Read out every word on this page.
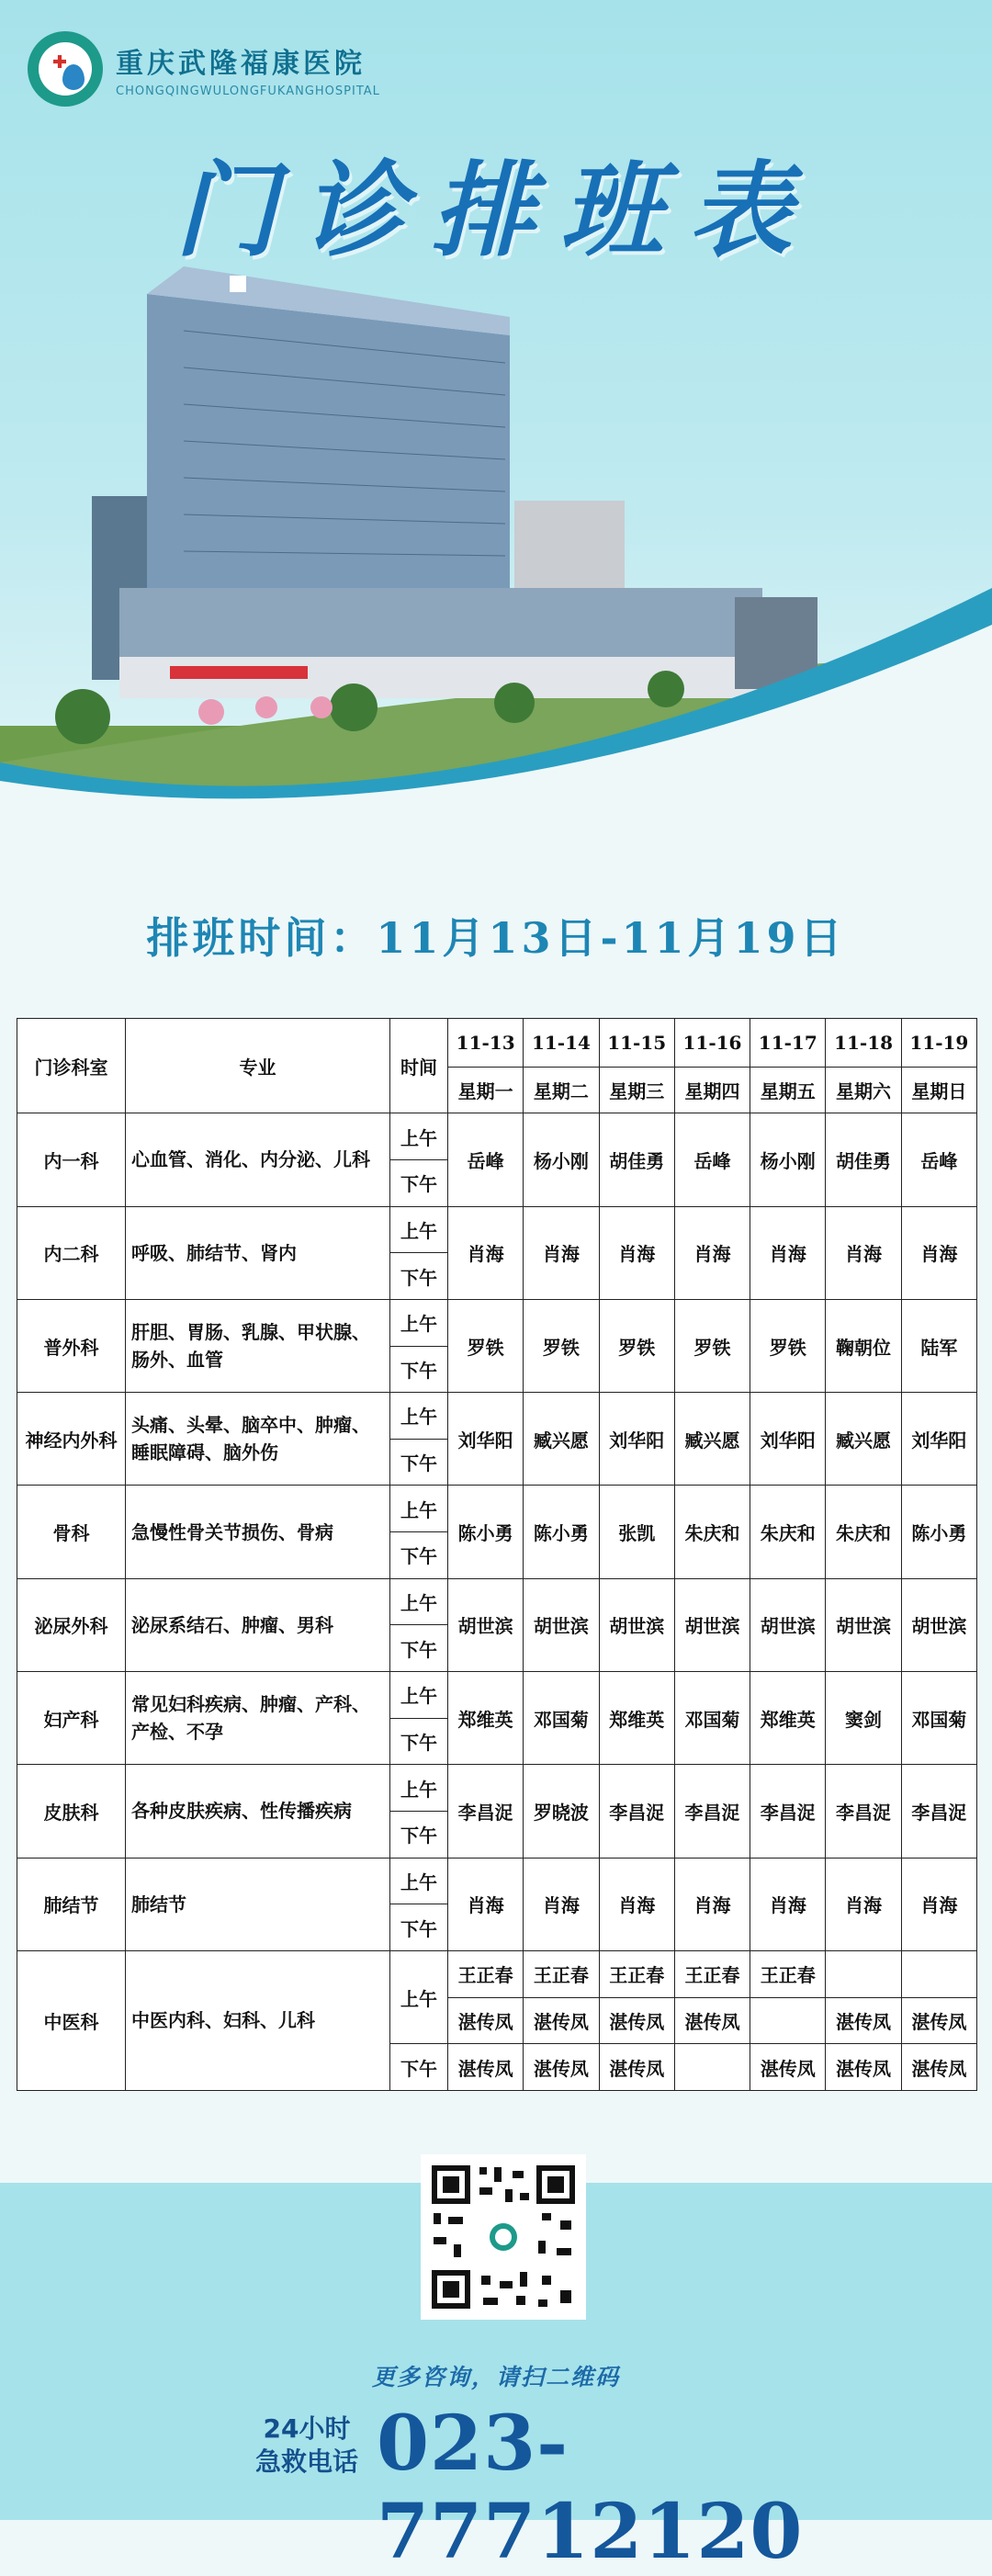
重庆武隆福康医院
CHONGQINGWULONGFUKANGHOSPITAL
门诊排班表
排班时间：11月13日-11月19日
门诊科室	专业	时间	11-13	11-14	11-15	11-16	11-17	11-18	11-19
			星期一	星期二	星期三	星期四	星期五	星期六	星期日
内一科	心血管、消化、内分泌、儿科	上午	岳峰	杨小刚	胡佳勇	岳峰	杨小刚	胡佳勇	岳峰
		下午							
内二科	呼吸、肺结节、肾内	上午	肖海	肖海	肖海	肖海	肖海	肖海	肖海
		下午							
普外科	肝胆、胃肠、乳腺、甲状腺、肠外、血管	上午	罗铁	罗铁	罗铁	罗铁	罗铁	鞠朝位	陆军
		下午							
神经内外科	头痛、头晕、脑卒中、肿瘤、睡眠障碍、脑外伤	上午	刘华阳	臧兴愿	刘华阳	臧兴愿	刘华阳	臧兴愿	刘华阳
		下午							
骨科	急慢性骨关节损伤、骨病	上午	陈小勇	陈小勇	张凯	朱庆和	朱庆和	朱庆和	陈小勇
		下午							
泌尿外科	泌尿系结石、肿瘤、男科	上午	胡世滨	胡世滨	胡世滨	胡世滨	胡世滨	胡世滨	胡世滨
		下午							
妇产科	常见妇科疾病、肿瘤、产科、产检、不孕	上午	郑维英	邓国菊	郑维英	邓国菊	郑维英	窦剑	邓国菊
		下午							
皮肤科	各种皮肤疾病、性传播疾病	上午	李昌浞	罗晓波	李昌浞	李昌浞	李昌浞	李昌浞	李昌浞
		下午							
肺结节	肺结节	上午	肖海	肖海	肖海	肖海	肖海	肖海	肖海
		下午							
中医科	中医内科、妇科、儿科	上午	王正春	王正春	王正春	王正春	王正春		
			湛传凤	湛传凤	湛传凤	湛传凤		湛传凤	湛传凤
		下午	湛传凤	湛传凤	湛传凤		湛传凤	湛传凤	湛传凤
更多咨询，请扫二维码
24小时
急救电话 023-77712120
